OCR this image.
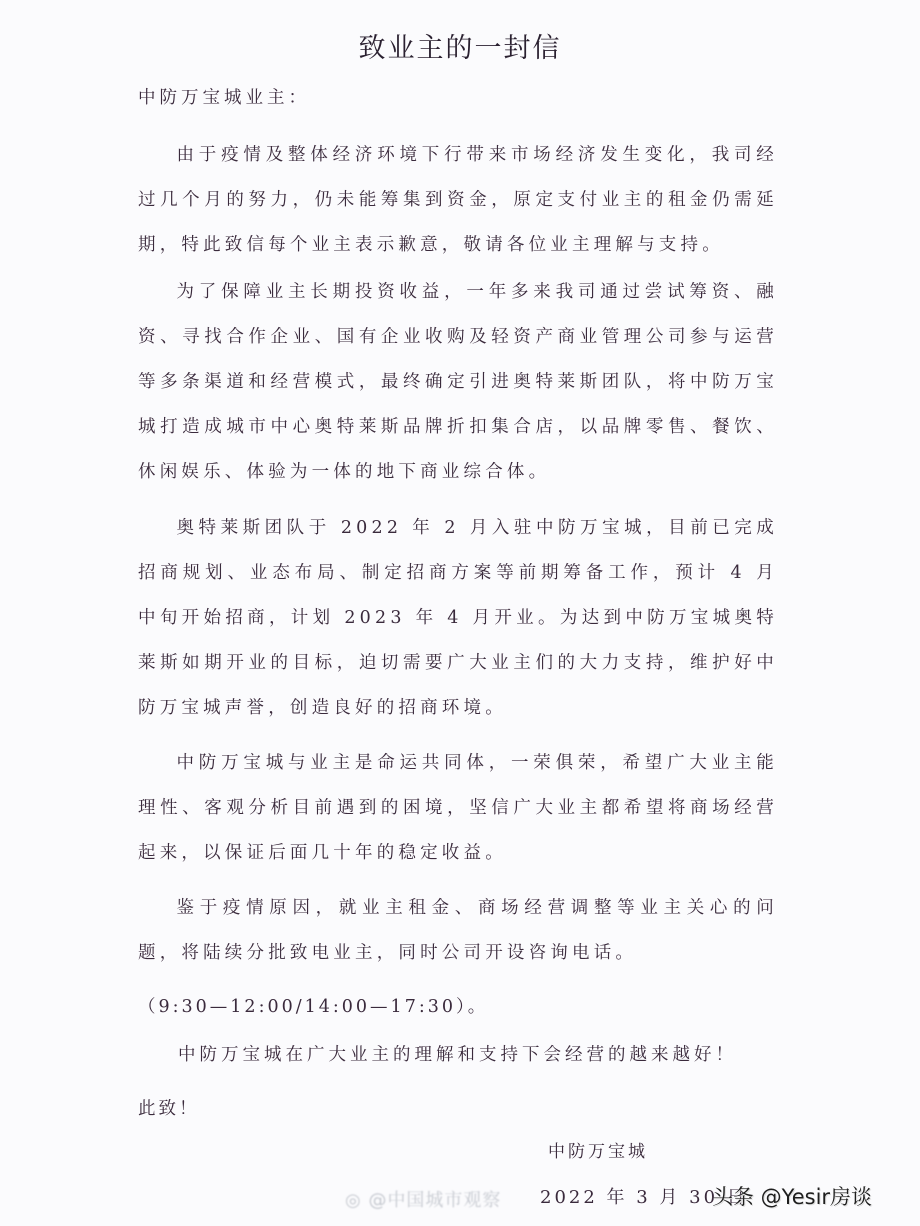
致业主的一封信
中防万宝城业主：
由于疫情及整体经济环境下行带来市场经济发生变化，我司经过几个月的努力，仍未能筹集到资金，原定支付业主的租金仍需延期，特此致信每个业主表示歉意，敬请各位业主理解与支持。
为了保障业主长期投资收益，一年多来我司通过尝试筹资、融资、寻找合作企业、国有企业收购及轻资产商业管理公司参与运营等多条渠道和经营模式，最终确定引进奥特莱斯团队，将中防万宝城打造成城市中心奥特莱斯品牌折扣集合店，以品牌零售、餐饮、休闲娱乐、体验为一体的地下商业综合体。
奥特莱斯团队于 2022 年 2 月入驻中防万宝城，目前已完成招商规划、业态布局、制定招商方案等前期筹备工作，预计 4 月中旬开始招商，计划 2023 年 4 月开业。为达到中防万宝城奥特莱斯如期开业的目标，迫切需要广大业主们的大力支持，维护好中防万宝城声誉，创造良好的招商环境。
中防万宝城与业主是命运共同体，一荣俱荣，希望广大业主能理性、客观分析目前遇到的困境，坚信广大业主都希望将商场经营起来，以保证后面几十年的稳定收益。
鉴于疫情原因，就业主租金、商场经营调整等业主关心的问题，将陆续分批致电业主，同时公司开设咨询电话。
（9:30—12:00/14:00—17:30）。
中防万宝城在广大业主的理解和支持下会经营的越来越好！
此致！
中防万宝城
◎ @中国城市观察 2022 年 3 月 30 日
头条 @Yesir房谈
